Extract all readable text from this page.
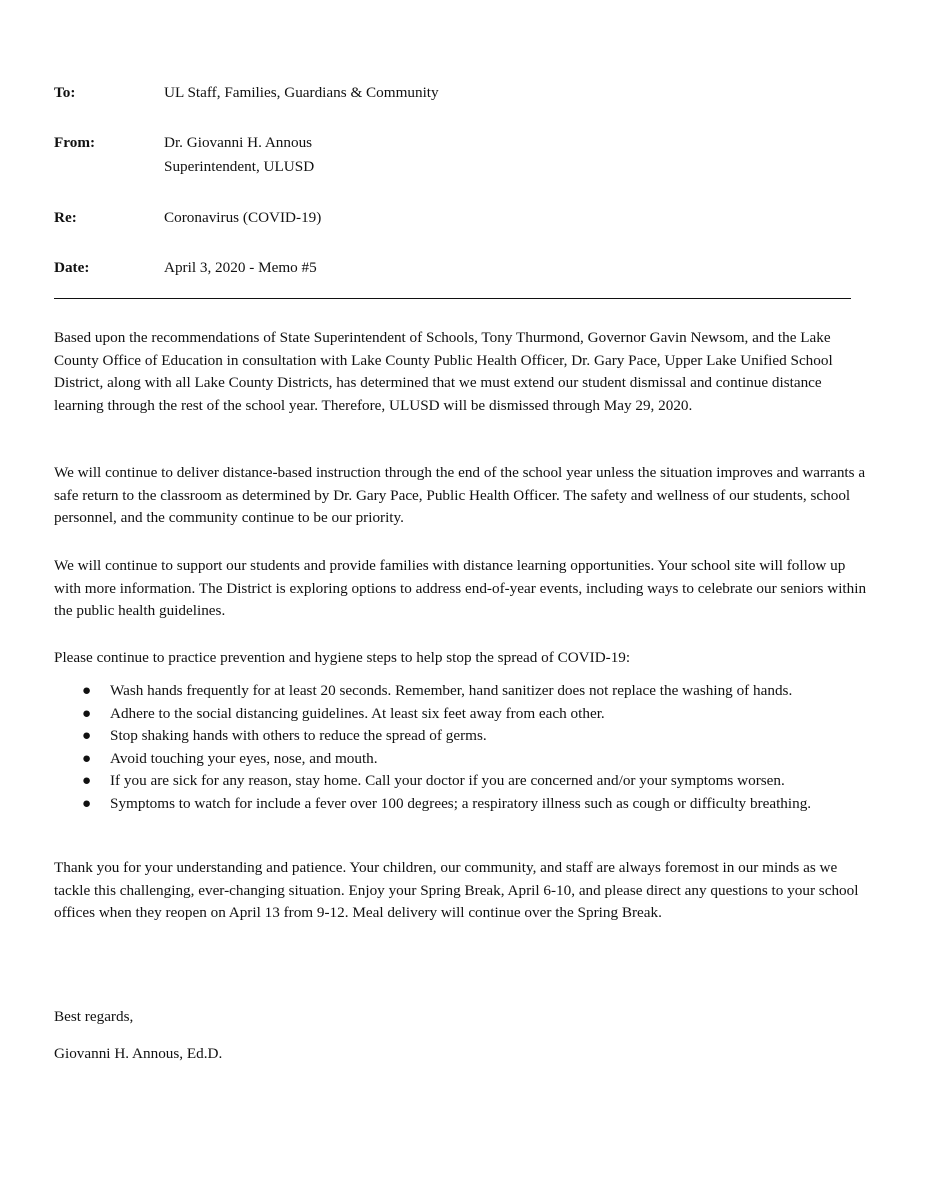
To:	UL Staff, Families, Guardians & Community
From:	Dr. Giovanni H. Annous
Superintendent, ULUSD
Re:	Coronavirus (COVID-19)
Date:	April 3, 2020 - Memo #5

Based upon the recommendations of State Superintendent of Schools, Tony Thurmond, Governor Gavin Newsom, and the Lake County Office of Education in consultation with Lake County Public Health Officer, Dr. Gary Pace, Upper Lake Unified School District, along with all Lake County Districts, has determined that we must extend our student dismissal and continue distance learning through the rest of the school year. Therefore, ULUSD will be dismissed through May 29, 2020.

We will continue to deliver distance-based instruction through the end of the school year unless the situation improves and warrants a safe return to the classroom as determined by Dr. Gary Pace, Public Health Officer. The safety and wellness of our students, school personnel, and the community continue to be our priority.

We will continue to support our students and provide families with distance learning opportunities. Your school site will follow up with more information. The District is exploring options to address end-of-year events, including ways to celebrate our seniors within the public health guidelines.

Please continue to practice prevention and hygiene steps to help stop the spread of COVID-19:

● Wash hands frequently for at least 20 seconds. Remember, hand sanitizer does not replace the washing of hands.
● Adhere to the social distancing guidelines. At least six feet away from each other.
● Stop shaking hands with others to reduce the spread of germs.
● Avoid touching your eyes, nose, and mouth.
● If you are sick for any reason, stay home. Call your doctor if you are concerned and/or your symptoms worsen.
● Symptoms to watch for include a fever over 100 degrees; a respiratory illness such as cough or difficulty breathing.

Thank you for your understanding and patience. Your children, our community, and staff are always foremost in our minds as we tackle this challenging, ever-changing situation. Enjoy your Spring Break, April 6-10, and please direct any questions to your school offices when they reopen on April 13 from 9-12. Meal delivery will continue over the Spring Break.

Best regards,
Giovanni H. Annous, Ed.D.
